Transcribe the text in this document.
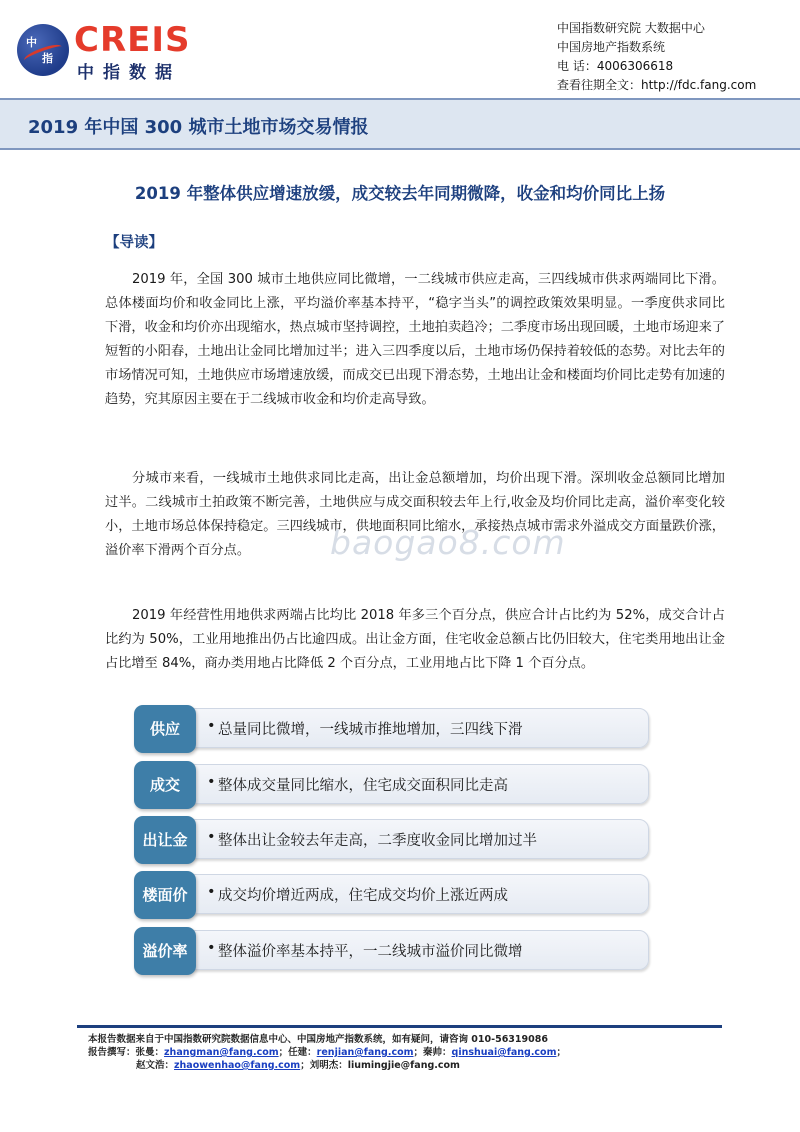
中
指 CREIS
中指数据
中国指数研究院 大数据中心
中国房地产指数系统
电 话：4006306618
查看往期全文：http://fdc.fang.com
2019 年中国 300 城市土地市场交易情报
2019 年整体供应增速放缓，成交较去年同期微降，收金和均价同比上扬
【导读】
2019 年，全国 300 城市土地供应同比微增，一二线城市供应走高，三四线城市供求两端同比下滑。总体楼面均价和收金同比上涨，平均溢价率基本持平，“稳字当头”的调控政策效果明显。一季度供求同比下滑，收金和均价亦出现缩水，热点城市坚持调控，土地拍卖趋冷；二季度市场出现回暖，土地市场迎来了短暂的小阳春，土地出让金同比增加过半；进入三四季度以后，土地市场仍保持着较低的态势。对比去年的市场情况可知，土地供应市场增速放缓，而成交已出现下滑态势，土地出让金和楼面均价同比走势有加速的趋势，究其原因主要在于二线城市收金和均价走高导致。
分城市来看，一线城市土地供求同比走高，出让金总额增加，均价出现下滑。深圳收金总额同比增加过半。二线城市土拍政策不断完善，土地供应与成交面积较去年上行,收金及均价同比走高，溢价率变化较小，土地市场总体保持稳定。三四线城市，供地面积同比缩水，承接热点城市需求外溢成交方面量跌价涨，溢价率下滑两个百分点。	baogao8.com
2019 年经营性用地供求两端占比均比 2018 年多三个百分点，供应合计占比约为 52%，成交合计占比约为 50%，工业用地推出仍占比逾四成。出让金方面，住宅收金总额占比仍旧较大，住宅类用地出让金占比增至 84%，商办类用地占比降低 2 个百分点，工业用地占比下降 1 个百分点。
• 总量同比微增，一线城市推地增加，三四线下滑
供应
• 整体成交量同比缩水，住宅成交面积同比走高
成交
• 整体出让金较去年走高，二季度收金同比增加过半
出让金
• 成交均价增近两成，住宅成交均价上涨近两成
楼面价
• 整体溢价率基本持平，一二线城市溢价同比微增
溢价率
本报告数据来自于中国指数研究院数据信息中心、中国房地产指数系统，如有疑问，请咨询 010-56319086
报告撰写：张曼：zhangman@fang.com；任建：renjian@fang.com；秦帅：qinshuai@fang.com；
赵文浩：zhaowenhao@fang.com；刘明杰：liumingjie@fang.com
